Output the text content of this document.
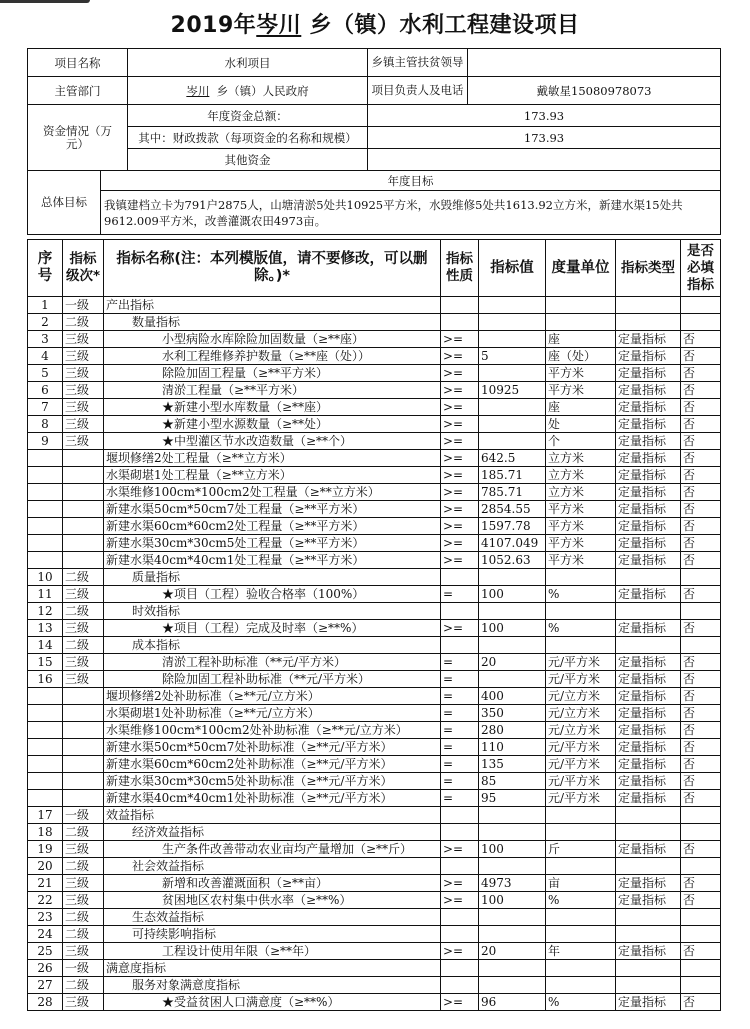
2019年岑川 乡（镇）水利工程建设项目
项目名称		水利项目	乡镇主管扶贫领导	
主管部门		岑川 乡（镇）人民政府	项目负责人及电话	戴敏星15080978073
资金情况（万元）		年度资金总额：	173.93	
		其中：财政拨款（每项资金的名称和规模）	173.93	
		其他资金		
总体目标	年度目标			
	我镇建档立卡为791户2875人，山塘清淤5处共10925平方米，水毁维修5处共1613.92立方米，新建水渠15处共9612.009平方米，改善灌溉农田4973亩。			
序号	指标级次*	指标名称(注：本列模版值，请不要修改，可以删除。)*	指标性质	指标值	度量单位	指标类型	是否必填指标
1	一级	产出指标					
2	二级	数量指标					
3	三级	小型病险水库除险加固数量（≥**座）	>=		座	定量指标	否
4	三级	水利工程维修养护数量（≥**座（处））	>=	5	座（处）	定量指标	否
5	三级	除险加固工程量（≥**平方米）	>=		平方米	定量指标	否
6	三级	清淤工程量（≥**平方米）	>=	10925	平方米	定量指标	否
7	三级	★新建小型水库数量（≥**座）	>=		座	定量指标	否
8	三级	★新建小型水源数量（≥**处）	>=		处	定量指标	否
9	三级	★中型灌区节水改造数量（≥**个）	>=		个	定量指标	否
		堰坝修缮2处工程量（≥**立方米）	>=	642.5	立方米	定量指标	否
		水渠砌堪1处工程量（≥**立方米）	>=	185.71	立方米	定量指标	否
		水渠维修100cm*100cm2处工程量（≥**立方米）	>=	785.71	立方米	定量指标	否
		新建水渠50cm*50cm7处工程量（≥**平方米）	>=	2854.55	平方米	定量指标	否
		新建水渠60cm*60cm2处工程量（≥**平方米）	>=	1597.78	平方米	定量指标	否
		新建水渠30cm*30cm5处工程量（≥**平方米）	>=	4107.049	平方米	定量指标	否
		新建水渠40cm*40cm1处工程量（≥**平方米）	>=	1052.63	平方米	定量指标	否
10	二级	质量指标					
11	三级	★项目（工程）验收合格率（100%）	=	100	%	定量指标	否
12	二级	时效指标					
13	三级	★项目（工程）完成及时率（≥**%）	>=	100	%	定量指标	否
14	二级	成本指标					
15	三级	清淤工程补助标准（**元/平方米）	=	20	元/平方米	定量指标	否
16	三级	除险加固工程补助标准（**元/平方米）	=		元/平方米	定量指标	否
		堰坝修缮2处补助标准（≥**元/立方米）	=	400	元/立方米	定量指标	否
		水渠砌堪1处补助标准（≥**元/立方米）	=	350	元/立方米	定量指标	否
		水渠维修100cm*100cm2处补助标准（≥**元/立方米）	=	280	元/立方米	定量指标	否
		新建水渠50cm*50cm7处补助标准（≥**元/平方米）	=	110	元/平方米	定量指标	否
		新建水渠60cm*60cm2处补助标准（≥**元/平方米）	=	135	元/平方米	定量指标	否
		新建水渠30cm*30cm5处补助标准（≥**元/平方米）	=	85	元/平方米	定量指标	否
		新建水渠40cm*40cm1处补助标准（≥**元/平方米）	=	95	元/平方米	定量指标	否
17	一级	效益指标					
18	二级	经济效益指标					
19	三级	生产条件改善带动农业亩均产量增加（≥**斤）	>=	100	斤	定量指标	否
20	二级	社会效益指标					
21	三级	新增和改善灌溉面积（≥**亩）	>=	4973	亩	定量指标	否
22	三级	贫困地区农村集中供水率（≥**%）	>=	100	%	定量指标	否
23	二级	生态效益指标					
24	二级	可持续影响指标					
25	三级	工程设计使用年限（≥**年）	>=	20	年	定量指标	否
26	一级	满意度指标					
27	二级	服务对象满意度指标					
28	三级	★受益贫困人口满意度（≥**%）	>=	96	%	定量指标	否
